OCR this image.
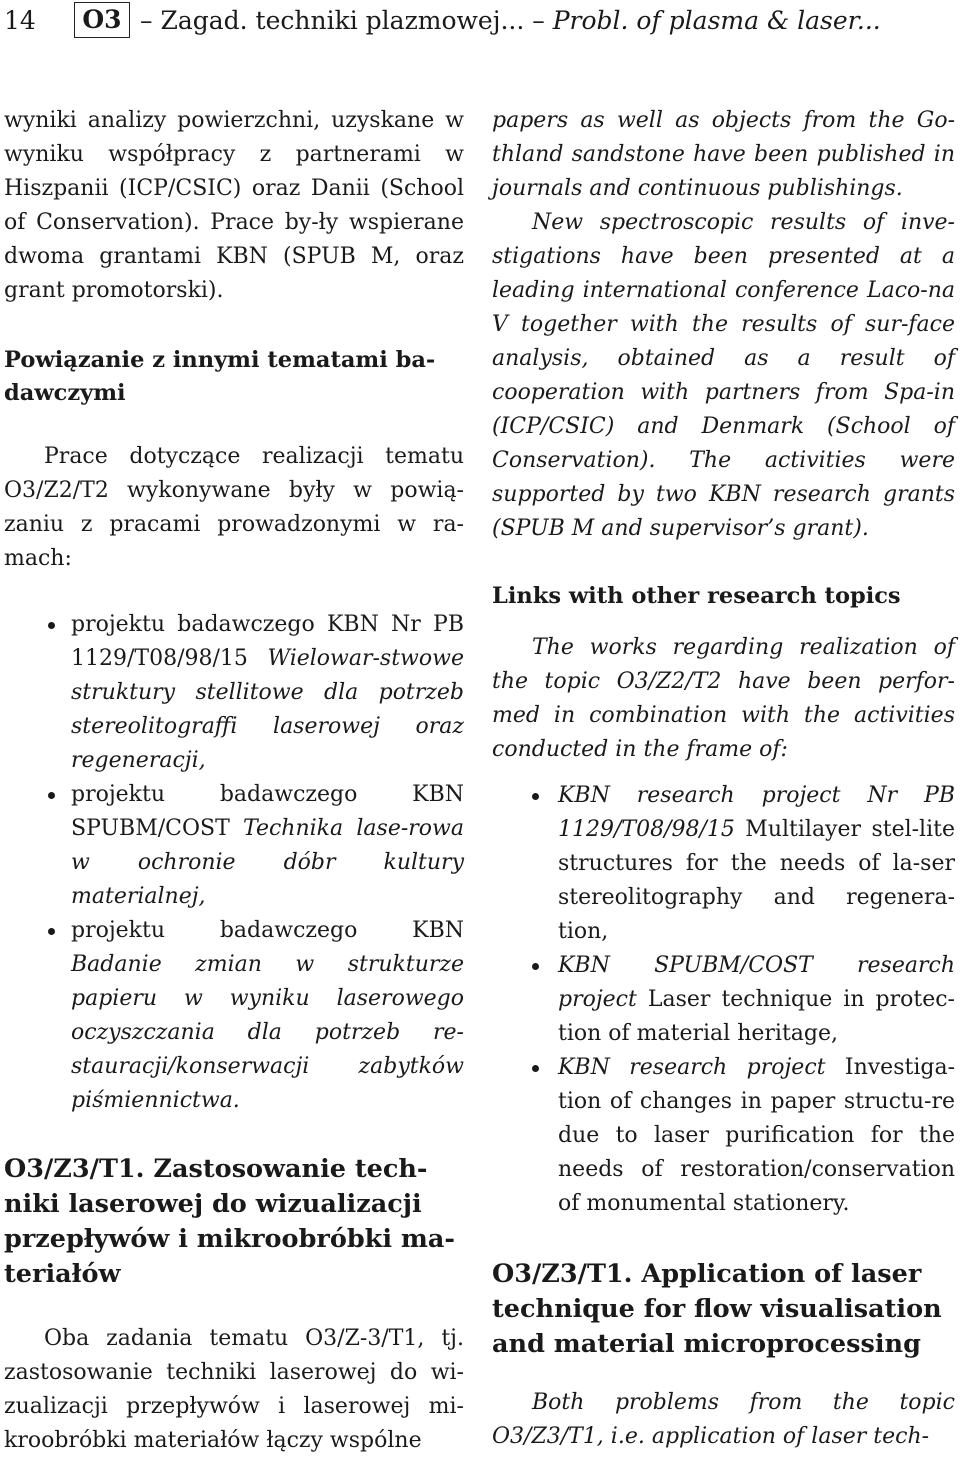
14	O3 – Zagad. techniki plazmowej... – Probl. of plasma & laser...

wyniki analizy powierzchni, uzyskane w wyniku współpracy z partnerami w Hiszpanii (ICP/CSIC) oraz Danii (School of Conservation). Prace by-ły wspierane dwoma grantami KBN (SPUB M, oraz grant promotorski).

Powiązanie z innymi tematami ba-dawczymi

Prace dotyczące realizacji tematu O3/Z2/T2 wykonywane były w powią-zaniu z pracami prowadzonymi w ra-mach:

projektu badawczego KBN Nr PB 1129/T08/98/15 Wielowar-stwowe struktury stellitowe dla potrzeb stereolitograffi laserowej oraz regeneracji,
projektu badawczego KBN SPUBM/COST Technika lase-rowa w ochronie dóbr kultury materialnej,
projektu badawczego KBN Badanie zmian w strukturze papieru w wyniku laserowego oczyszczania dla potrzeb re-stauracji/konserwacji zabytków piśmiennictwa.
O3/Z3/T1. Zastosowanie tech-niki laserowej do wizualizacji przepływów i mikroobróbki ma-teriałów

Oba zadania tematu O3/Z-3/T1, tj. zastosowanie techniki laserowej do wi-zualizacji przepływów i laserowej mi-kroobróbki materiałów łączy wspólne

papers as well as objects from the Go-thland sandstone have been published in journals and continuous publishings.

New spectroscopic results of inve-stigations have been presented at a leading international conference Laco-na V together with the results of sur-face analysis, obtained as a result of cooperation with partners from Spa-in (ICP/CSIC) and Denmark (School of Conservation). The activities were supported by two KBN research grants (SPUB M and supervisor’s grant).

Links with other research topics

The works regarding realization of the topic O3/Z2/T2 have been perfor-med in combination with the activities conducted in the frame of:

KBN research project Nr PB 1129/T08/98/15 Multilayer stel-lite structures for the needs of la-ser stereolitography and regenera-tion,
KBN SPUBM/COST research project Laser technique in protec-tion of material heritage,
KBN research project Investiga-tion of changes in paper structu-re due to laser purification for the needs of restoration/conservation of monumental stationery.
O3/Z3/T1. Application of laser technique for flow visualisation and material microprocessing

Both problems from the topic O3/Z3/T1, i.e. application of laser tech-
